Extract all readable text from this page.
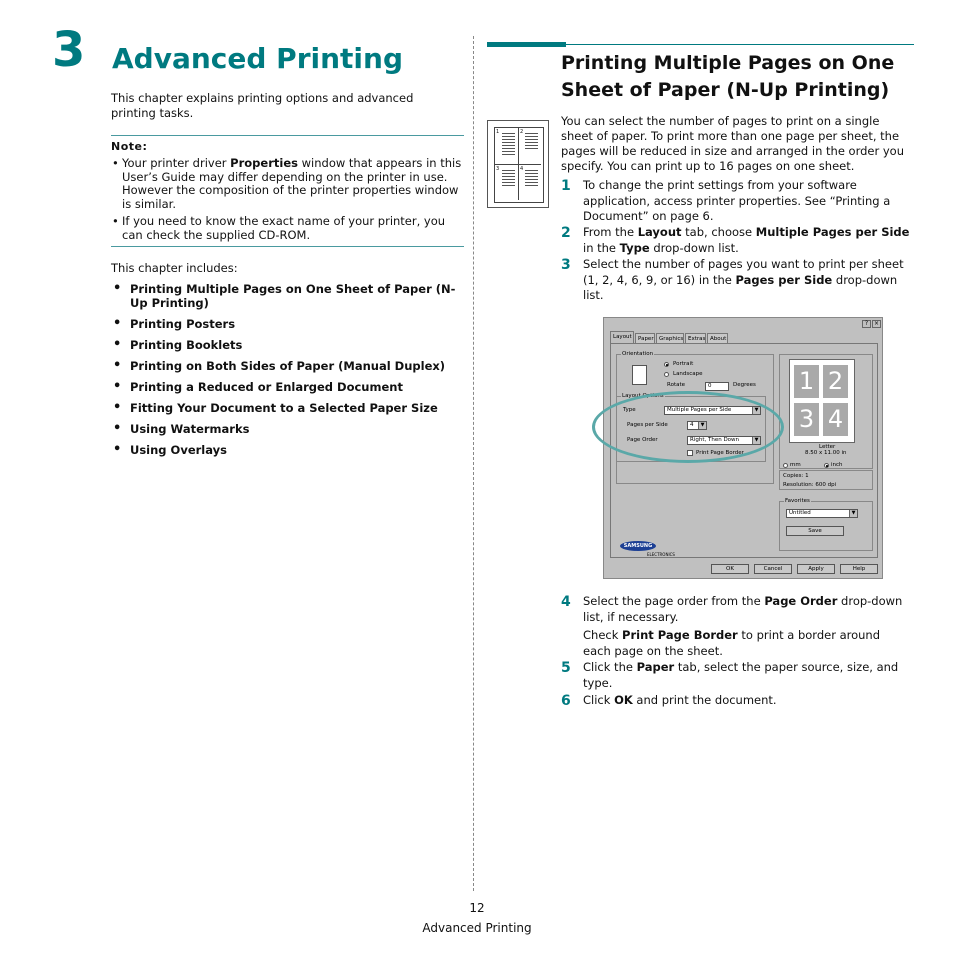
3 Advanced Printing
This chapter explains printing options and advanced printing tasks.
Note:
• Your printer driver Properties window that appears in this User’s Guide may differ depending on the printer in use. However the composition of the printer properties window is similar.
• If you need to know the exact name of your printer, you can check the supplied CD-ROM.
This chapter includes:
• Printing Multiple Pages on One Sheet of Paper (N-Up Printing)
• Printing Posters
• Printing Booklets
• Printing on Both Sides of Paper (Manual Duplex)
• Printing a Reduced or Enlarged Document
• Fitting Your Document to a Selected Paper Size
• Using Watermarks
• Using Overlays
Printing Multiple Pages on One Sheet of Paper (N-Up Printing)
1	2
3	4
You can select the number of pages to print on a single sheet of paper. To print more than one page per sheet, the pages will be reduced in size and arranged in the order you specify. You can print up to 16 pages on one sheet.
1 To change the print settings from your software application, access printer properties. See “Printing a Document” on page 6.
2 From the Layout tab, choose Multiple Pages per Side in the Type drop-down list.
3 Select the number of pages you want to print per sheet (1, 2, 4, 6, 9, or 16) in the Pages per Side drop-down list.
? ×
Layout	Paper Graphics Extras About
Orientation
Portrait
Landscape
Rotate	0	Degrees
Layout Options
Type	Multiple Pages per Side	▼
Pages per Side	4	▼
Page Order	Right, Then Down	▼
Print Page Border
Letter
8.50 x 11.00 in
mm	inch
Copies: 1
Resolution: 600 dpi
Favorites
Untitled	▼
Save
SAMSUNG
ELECTRONICS
OK	Cancel	Apply	Help
1 2
3 4
4 Select the page order from the Page Order drop-down list, if necessary.
Check Print Page Border to print a border around each page on the sheet.
5 Click the Paper tab, select the paper source, size, and type.
6 Click OK and print the document.
12
Advanced Printing
